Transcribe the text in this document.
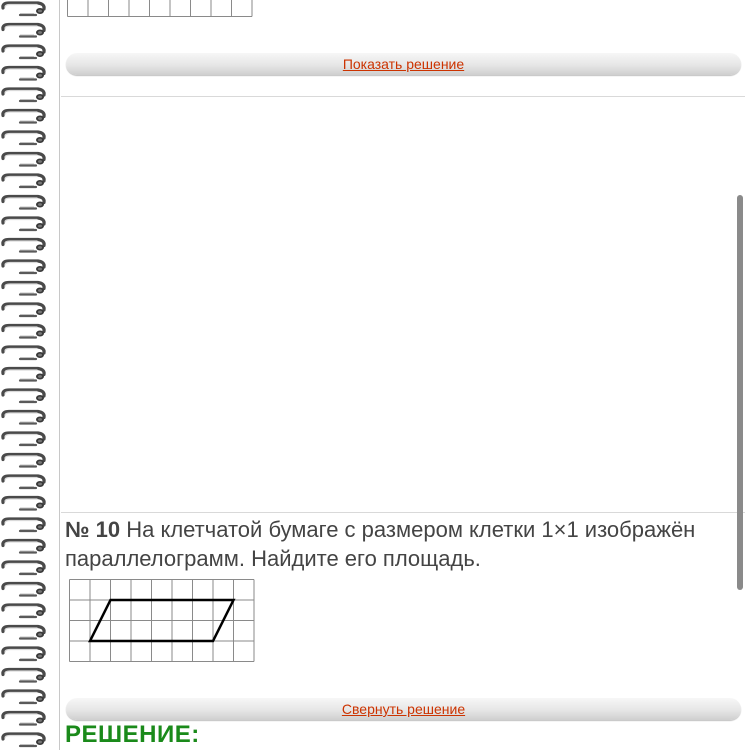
Показать решение
№ 10 На клетчатой бумаге с размером клетки 1×1 изображён параллелограмм. Найдите его площадь.
Свернуть решение
РЕШЕНИЕ:
